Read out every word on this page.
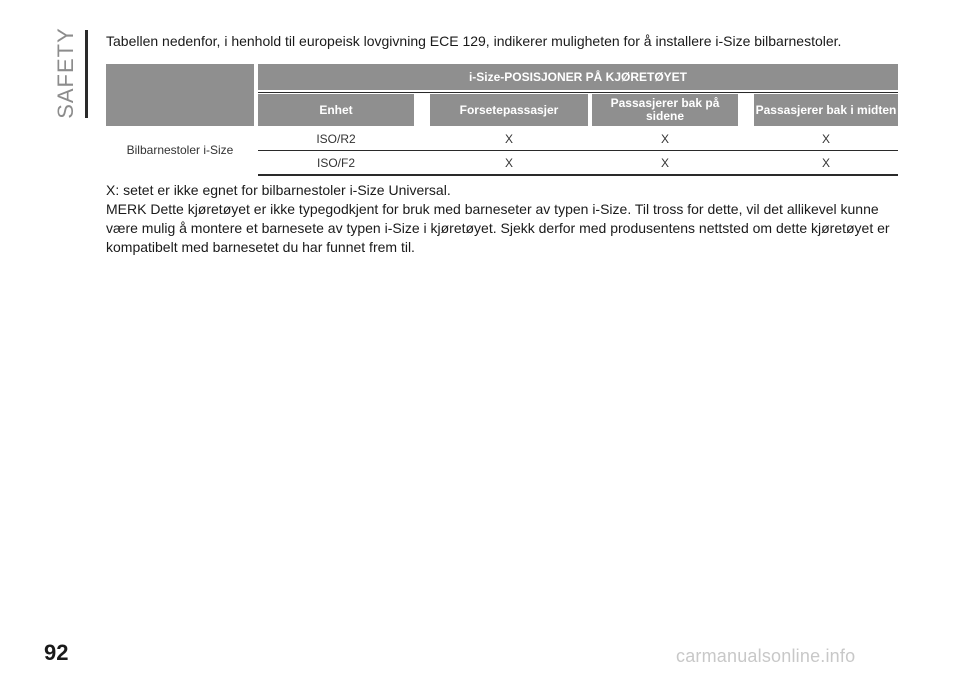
SAFETY Tabellen nedenfor, i henhold til europeisk lovgivning ECE 129, indikerer muligheten for å installere i-Size bilbarnestoler.
i-Size-POSISJONER PÅ KJØRETØYET
Enhet	Forsetepassasjer	Passasjerer bak på sidene	Passasjerer bak i midten
Bilbarnestoler i-Size
ISO/R2	X	X	X
ISO/F2	X	X	X

X: setet er ikke egnet for bilbarnestoler i-Size Universal.

MERK Dette kjøretøyet er ikke typegodkjent for bruk med barneseter av typen i-Size. Til tross for dette, vil det allikevel kunne være mulig å montere et barnesete av typen i-Size i kjøretøyet. Sjekk derfor med produsentens nettsted om dette kjøretøyet er kompatibelt med barnesetet du har funnet frem til.

92	carmanualsonline.info
